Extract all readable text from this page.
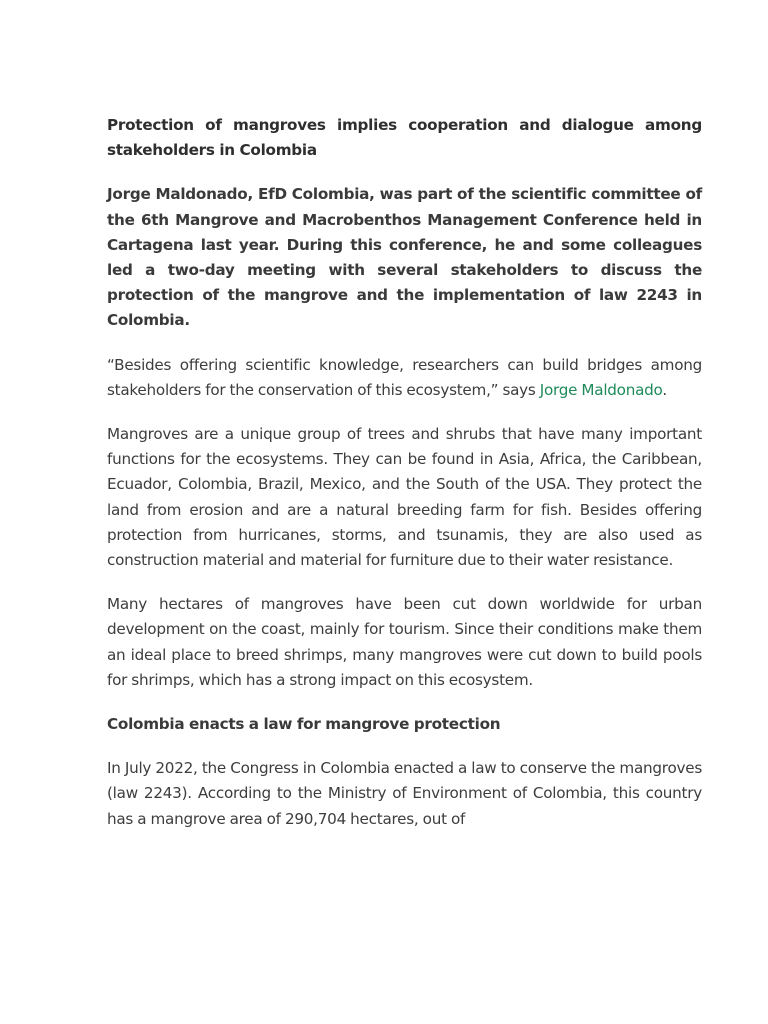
Protection of mangroves implies cooperation and dialogue among stakeholders in Colombia

Jorge Maldonado, EfD Colombia, was part of the scientific committee of the 6th Mangrove and Macrobenthos Management Conference held in Cartagena last year. During this conference, he and some colleagues led a two-day meeting with several stakeholders to discuss the protection of the mangrove and the implementation of law 2243 in Colombia.

“Besides offering scientific knowledge, researchers can build bridges among stakeholders for the conservation of this ecosystem,” says Jorge Maldonado.

Mangroves are a unique group of trees and shrubs that have many important functions for the ecosystems. They can be found in Asia, Africa, the Caribbean, Ecuador, Colombia, Brazil, Mexico, and the South of the USA. They protect the land from erosion and are a natural breeding farm for fish. Besides offering protection from hurricanes, storms, and tsunamis, they are also used as construction material and material for furniture due to their water resistance.

Many hectares of mangroves have been cut down worldwide for urban development on the coast, mainly for tourism. Since their conditions make them an ideal place to breed shrimps, many mangroves were cut down to build pools for shrimps, which has a strong impact on this ecosystem.

Colombia enacts a law for mangrove protection

In July 2022, the Congress in Colombia enacted a law to conserve the mangroves (law 2243). According to the Ministry of Environment of Colombia, this country has a mangrove area of 290,704 hectares, out of
